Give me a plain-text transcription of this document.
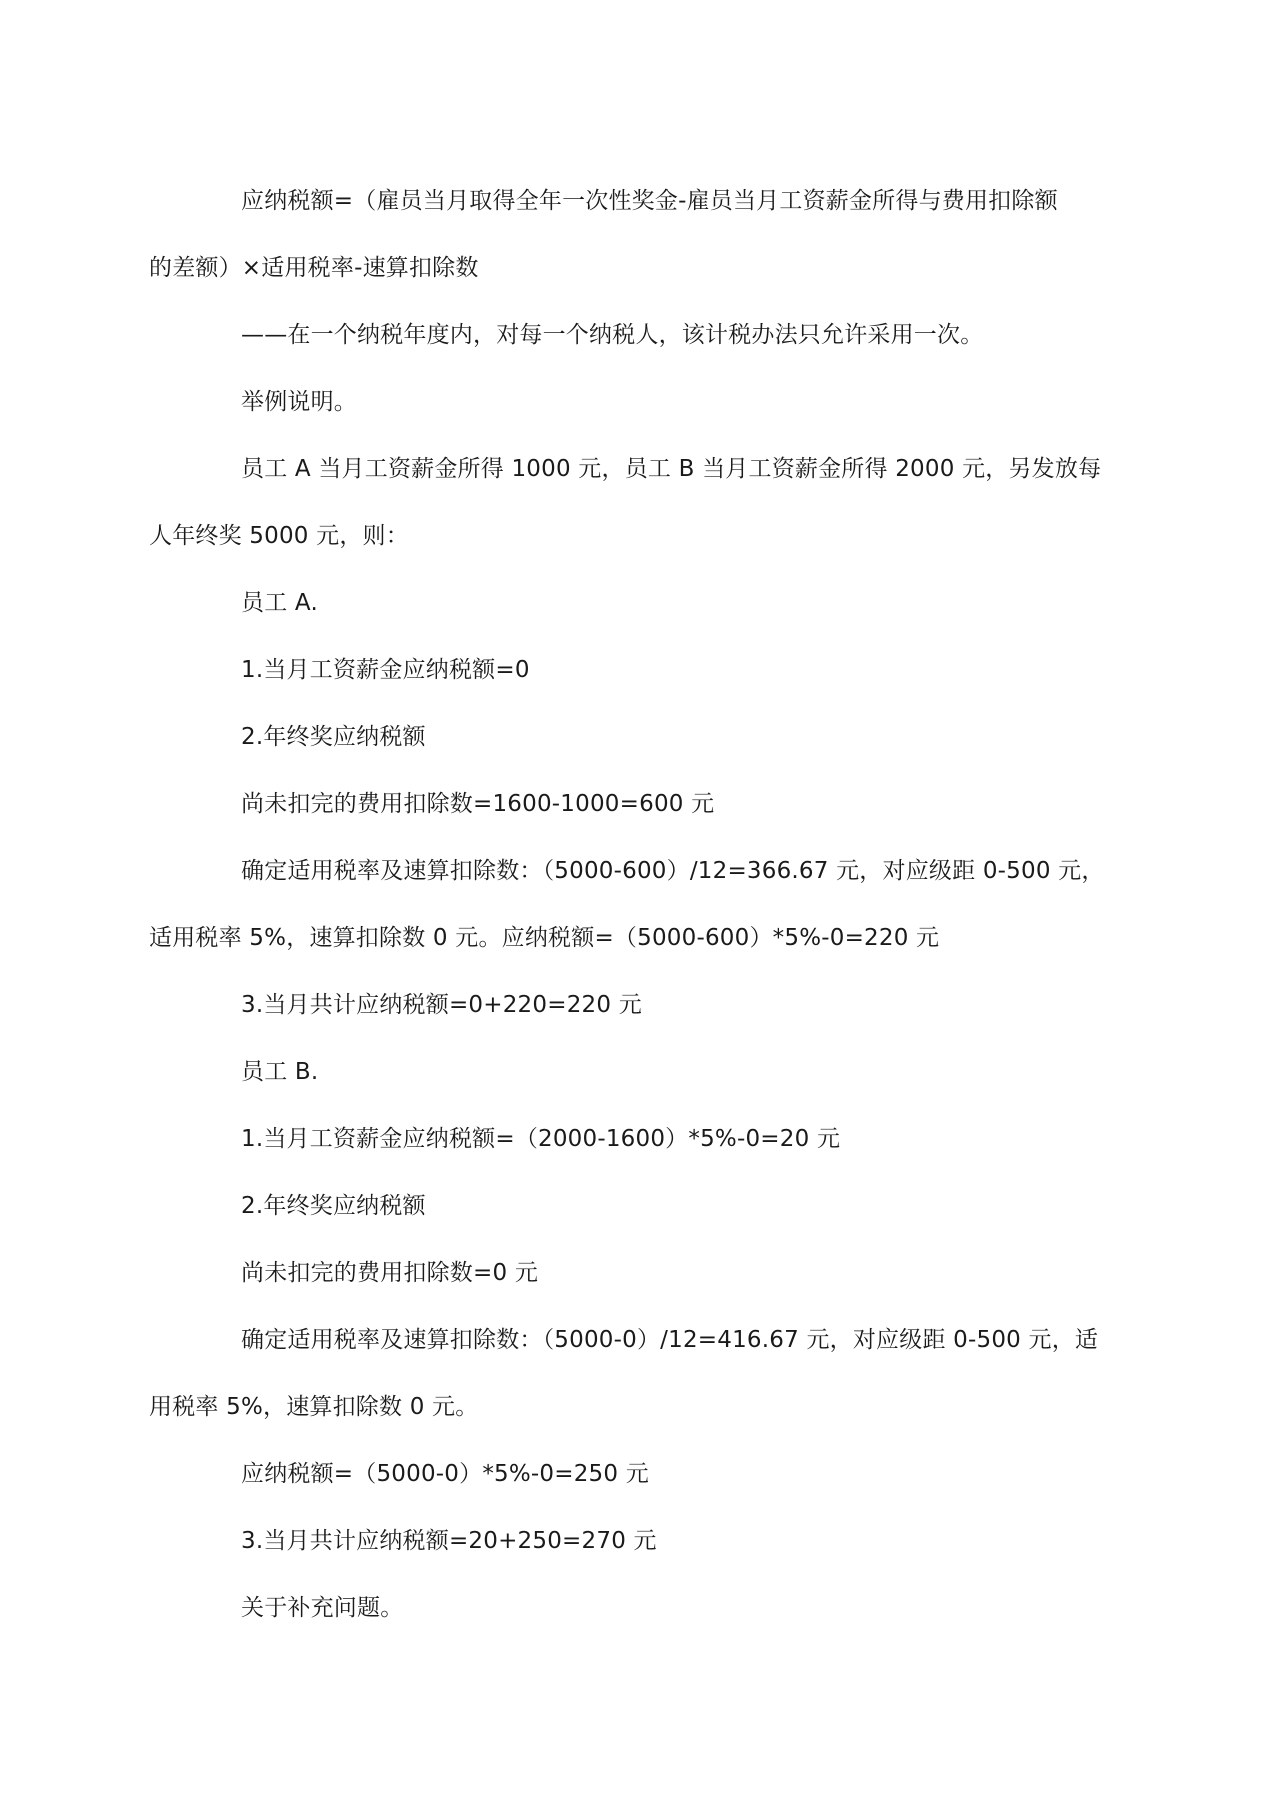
应纳税额=（雇员当月取得全年一次性奖金-雇员当月工资薪金所得与费用扣除额
的差额）×适用税率-速算扣除数

——在一个纳税年度内，对每一个纳税人，该计税办法只允许采用一次。

举例说明。

员工 A 当月工资薪金所得 1000 元，员工 B 当月工资薪金所得 2000 元，另发放每
人年终奖 5000 元，则：

员工 A.

1.当月工资薪金应纳税额=0

2.年终奖应纳税额

尚未扣完的费用扣除数=1600-1000=600 元

确定适用税率及速算扣除数：（5000-600）/12=366.67 元，对应级距 0-500 元，
适用税率 5%，速算扣除数 0 元。应纳税额=（5000-600）*5%-0=220 元

3.当月共计应纳税额=0+220=220 元

员工 B.

1.当月工资薪金应纳税额=（2000-1600）*5%-0=20 元

2.年终奖应纳税额

尚未扣完的费用扣除数=0 元

确定适用税率及速算扣除数：（5000-0）/12=416.67 元，对应级距 0-500 元，适
用税率 5%，速算扣除数 0 元。

应纳税额=（5000-0）*5%-0=250 元

3.当月共计应纳税额=20+250=270 元

关于补充问题。
